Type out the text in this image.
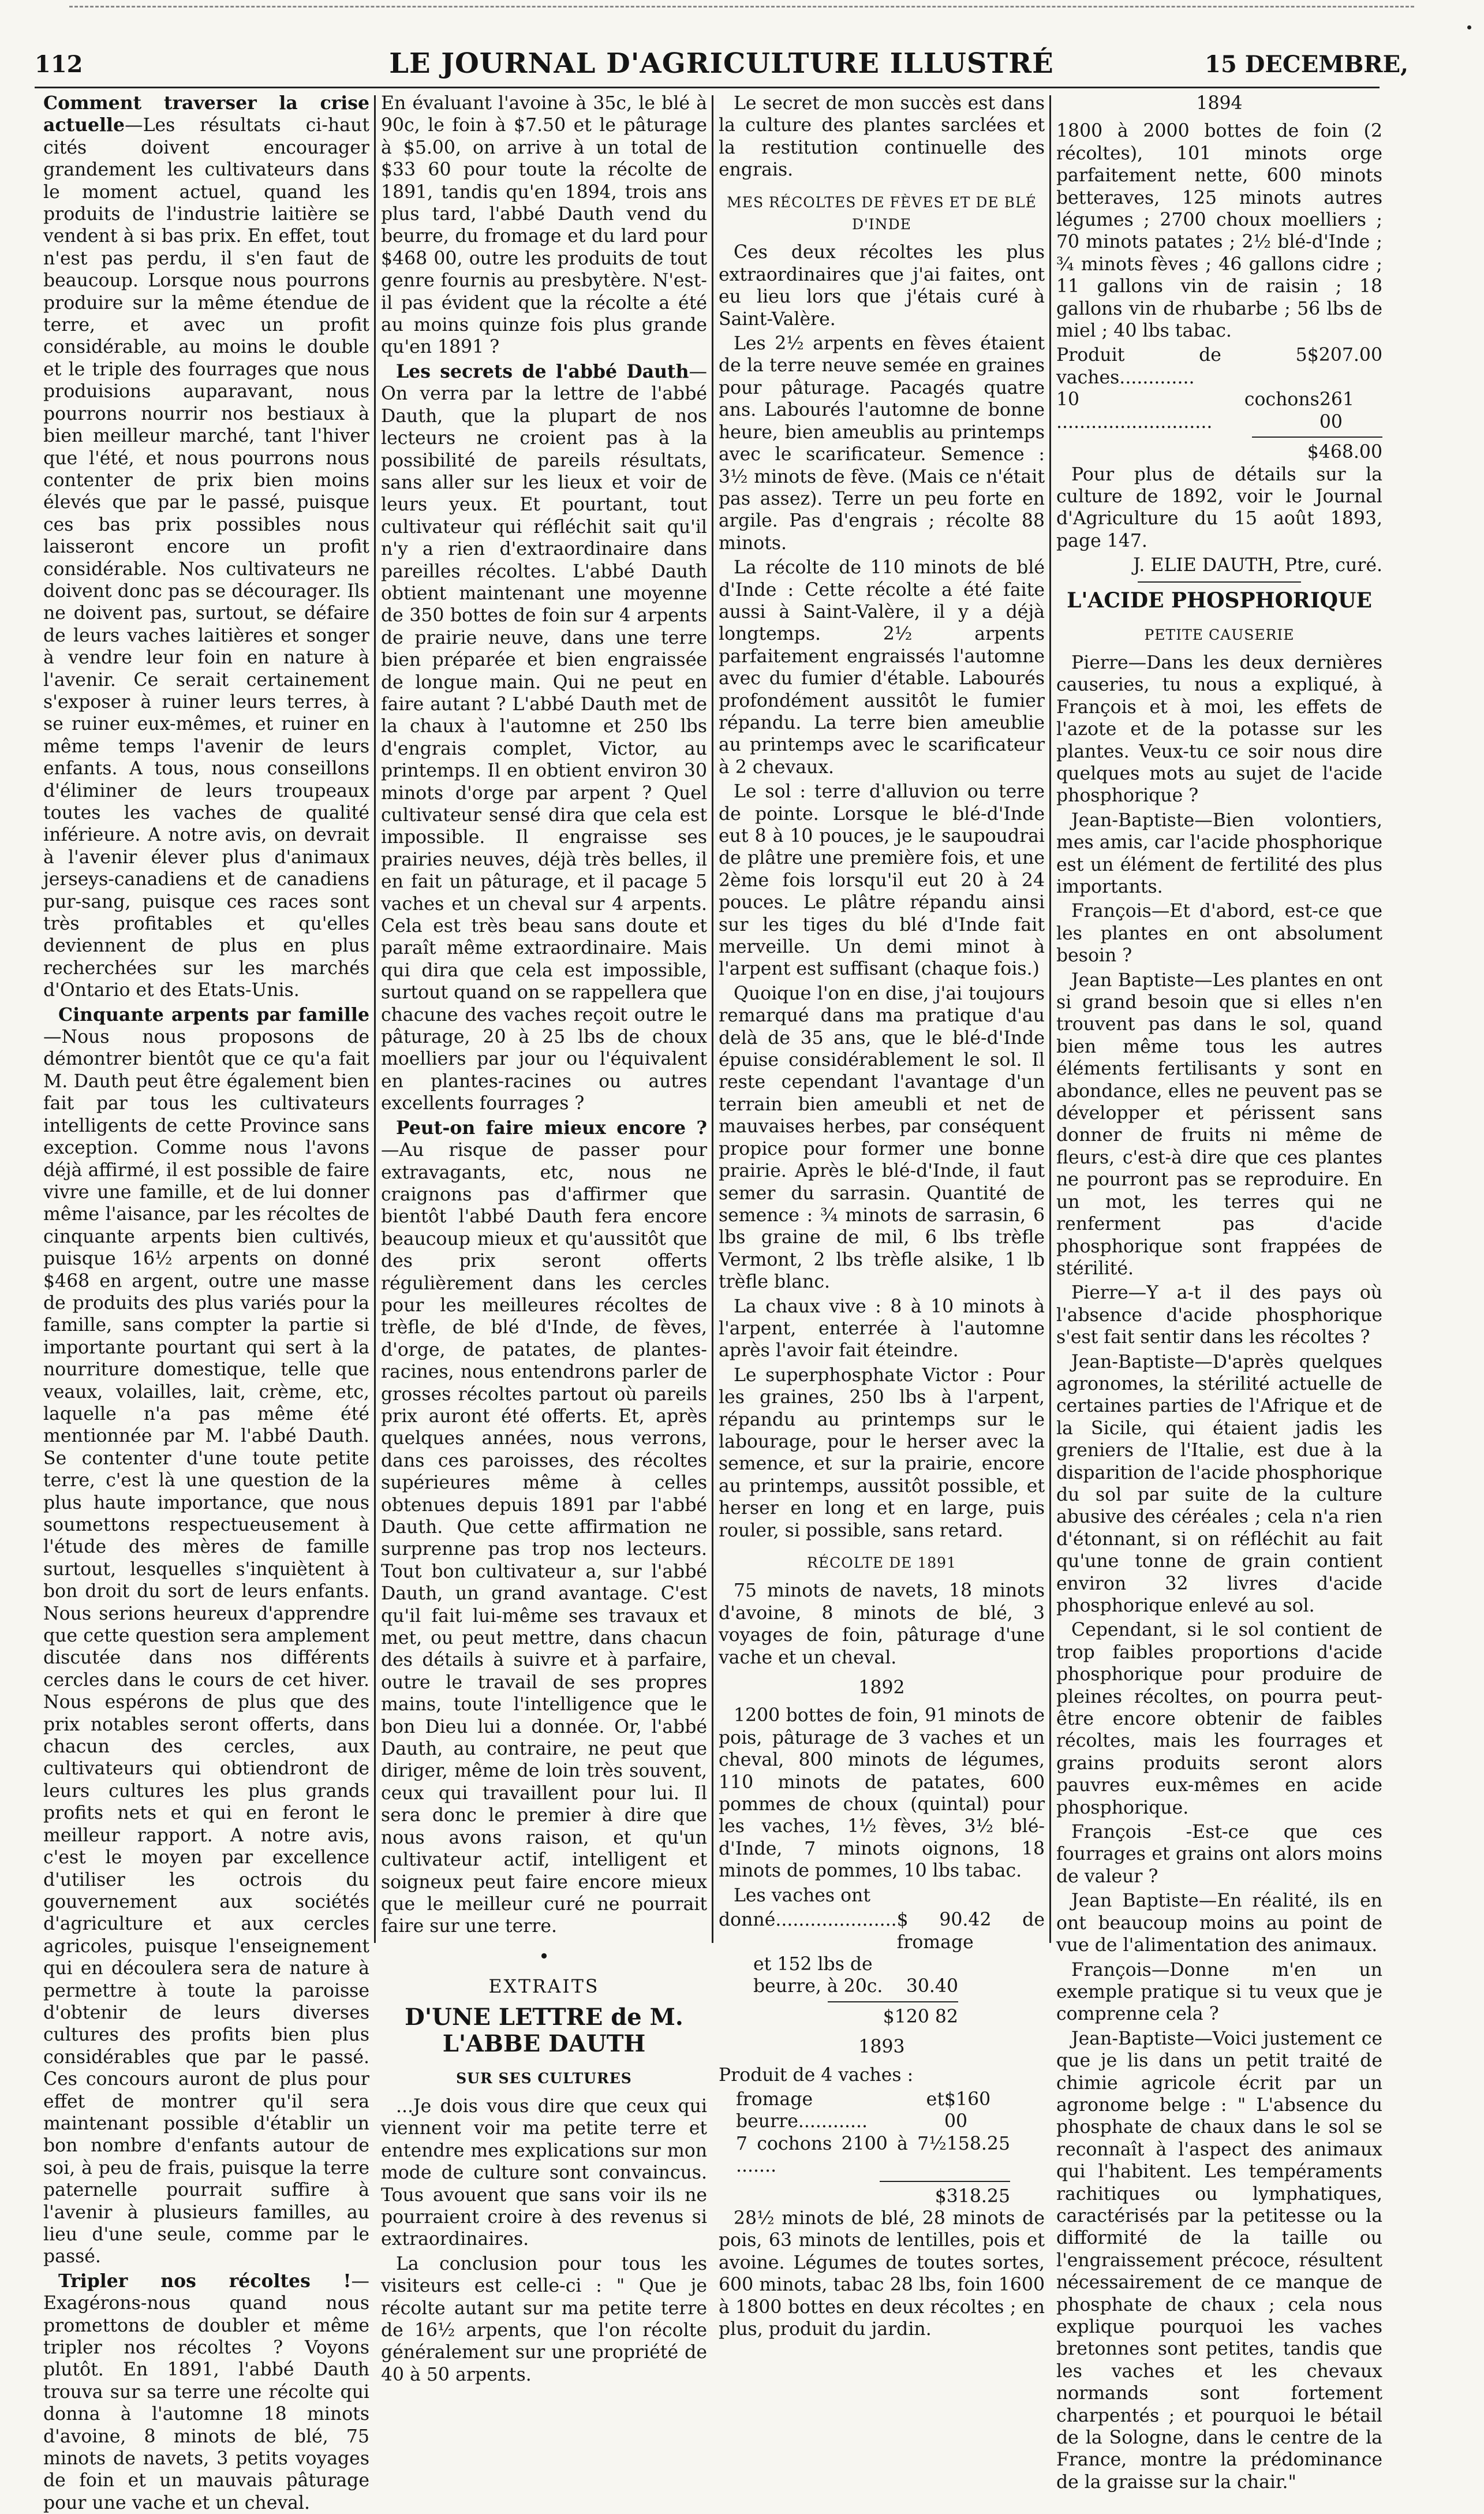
112	LE JOURNAL D'AGRICULTURE ILLUSTRÉ	15 DECEMBRE,

Comment traverser la crise actuelle—Les résultats ci-haut cités doivent encourager grandement les cultivateurs dans le moment actuel, quand les produits de l'industrie laitière se vendent à si bas prix. En effet, tout n'est pas perdu, il s'en faut de beaucoup. Lorsque nous pourrons produire sur la même étendue de terre, et avec un profit considérable, au moins le double et le triple des fourrages que nous produisions auparavant, nous pourrons nourrir nos bestiaux à bien meilleur marché, tant l'hiver que l'été, et nous pourrons nous contenter de prix bien moins élevés que par le passé, puisque ces bas prix possibles nous laisseront encore un profit considérable. Nos cultivateurs ne doivent donc pas se décourager. Ils ne doivent pas, surtout, se défaire de leurs vaches laitières et songer à vendre leur foin en nature à l'avenir. Ce serait certainement s'exposer à ruiner leurs terres, à se ruiner eux-mêmes, et ruiner en même temps l'avenir de leurs enfants. A tous, nous conseillons d'éliminer de leurs troupeaux toutes les vaches de qualité inférieure. A notre avis, on devrait à l'avenir élever plus d'animaux jerseys-canadiens et de canadiens pur-sang, puisque ces races sont très profitables et qu'elles deviennent de plus en plus recherchées sur les marchés d'Ontario et des Etats-Unis.

Cinquante arpents par famille—Nous nous proposons de démontrer bientôt que ce qu'a fait M. Dauth peut être également bien fait par tous les cultivateurs intelligents de cette Province sans exception. Comme nous l'avons déjà affirmé, il est possible de faire vivre une famille, et de lui donner même l'aisance, par les récoltes de cinquante arpents bien cultivés, puisque 16½ arpents on donné $468 en argent, outre une masse de produits des plus variés pour la famille, sans compter la partie si importante pourtant qui sert à la nourriture domestique, telle que veaux, volailles, lait, crème, etc, laquelle n'a pas même été mentionnée par M. l'abbé Dauth. Se contenter d'une toute petite terre, c'est là une question de la plus haute importance, que nous soumettons respectueusement à l'étude des mères de famille surtout, lesquelles s'inquiètent à bon droit du sort de leurs enfants. Nous serions heureux d'apprendre que cette question sera amplement discutée dans nos différents cercles dans le cours de cet hiver. Nous espérons de plus que des prix notables seront offerts, dans chacun des cercles, aux cultivateurs qui obtiendront de leurs cultures les plus grands profits nets et qui en feront le meilleur rapport. A notre avis, c'est le moyen par excellence d'utiliser les octrois du gouvernement aux sociétés d'agriculture et aux cercles agricoles, puisque l'enseignement qui en découlera sera de nature à permettre à toute la paroisse d'obtenir de leurs diverses cultures des profits bien plus considérables que par le passé. Ces concours auront de plus pour effet de montrer qu'il sera maintenant possible d'établir un bon nombre d'enfants autour de soi, à peu de frais, puisque la terre paternelle pourrait suffire à l'avenir à plusieurs familles, au lieu d'une seule, comme par le passé.

Tripler nos récoltes !— Exagérons-nous quand nous promettons de doubler et même tripler nos récoltes ? Voyons plutôt. En 1891, l'abbé Dauth trouva sur sa terre une récolte qui donna à l'automne 18 minots d'avoine, 8 minots de blé, 75 minots de navets, 3 petits voyages de foin et un mauvais pâturage pour une vache et un cheval.

En évaluant l'avoine à 35c, le blé à 90c, le foin à $7.50 et le pâturage à $5.00, on arrive à un total de $33 60 pour toute la récolte de 1891, tandis qu'en 1894, trois ans plus tard, l'abbé Dauth vend du beurre, du fromage et du lard pour $468 00, outre les produits de tout genre fournis au presbytère. N'est-il pas évident que la récolte a été au moins quinze fois plus grande qu'en 1891 ?

Les secrets de l'abbé Dauth—On verra par la lettre de l'abbé Dauth, que la plupart de nos lecteurs ne croient pas à la possibilité de pareils résultats, sans aller sur les lieux et voir de leurs yeux. Et pourtant, tout cultivateur qui réfléchit sait qu'il n'y a rien d'extraordinaire dans pareilles récoltes. L'abbé Dauth obtient maintenant une moyenne de 350 bottes de foin sur 4 arpents de prairie neuve, dans une terre bien préparée et bien engraissée de longue main. Qui ne peut en faire autant ? L'abbé Dauth met de la chaux à l'automne et 250 lbs d'engrais complet, Victor, au printemps. Il en obtient environ 30 minots d'orge par arpent ? Quel cultivateur sensé dira que cela est impossible. Il engraisse ses prairies neuves, déjà très belles, il en fait un pâturage, et il pacage 5 vaches et un cheval sur 4 arpents. Cela est très beau sans doute et paraît même extraordinaire. Mais qui dira que cela est impossible, surtout quand on se rappellera que chacune des vaches reçoit outre le pâturage, 20 à 25 lbs de choux moelliers par jour ou l'équivalent en plantes-racines ou autres excellents fourrages ?

Peut-on faire mieux encore ?—Au risque de passer pour extravagants, etc, nous ne craignons pas d'affirmer que bientôt l'abbé Dauth fera encore beaucoup mieux et qu'aussitôt que des prix seront offerts régulièrement dans les cercles pour les meilleures récoltes de trèfle, de blé d'Inde, de fèves, d'orge, de patates, de plantes-racines, nous entendrons parler de grosses récoltes partout où pareils prix auront été offerts. Et, après quelques années, nous verrons, dans ces paroisses, des récoltes supérieures même à celles obtenues depuis 1891 par l'abbé Dauth. Que cette affirmation ne surprenne pas trop nos lecteurs. Tout bon cultivateur a, sur l'abbé Dauth, un grand avantage. C'est qu'il fait lui-même ses travaux et met, ou peut mettre, dans chacun des détails à suivre et à parfaire, outre le travail de ses propres mains, toute l'intelligence que le bon Dieu lui a donnée. Or, l'abbé Dauth, au contraire, ne peut que diriger, même de loin très souvent, ceux qui travaillent pour lui. Il sera donc le premier à dire que nous avons raison, et qu'un cultivateur actif, intelligent et soigneux peut faire encore mieux que le meilleur curé ne pourrait faire sur une terre.

•
EXTRAITS
D'UNE LETTRE de M. L'ABBE DAUTH
SUR SES CULTURES

...Je dois vous dire que ceux qui viennent voir ma petite terre et entendre mes explications sur mon mode de culture sont convaincus. Tous avouent que sans voir ils ne pourraient croire à des revenus si extraordinaires.

La conclusion pour tous les visiteurs est celle-ci : " Que je récolte autant sur ma petite terre de 16½ arpents, que l'on récolte généralement sur une propriété de 40 à 50 arpents.

Le secret de mon succès est dans la culture des plantes sarclées et la restitution continuelle des engrais.

MES RÉCOLTES DE FÈVES ET DE BLÉ D'INDE

Ces deux récoltes les plus extraordinaires que j'ai faites, ont eu lieu lors que j'étais curé à Saint-Valère.

Les 2½ arpents en fèves étaient de la terre neuve semée en graines pour pâturage. Pacagés quatre ans. Labourés l'automne de bonne heure, bien ameublis au printemps avec le scarificateur. Semence : 3½ minots de fève. (Mais ce n'était pas assez). Terre un peu forte en argile. Pas d'engrais ; récolte 88 minots.

La récolte de 110 minots de blé d'Inde : Cette récolte a été faite aussi à Saint-Valère, il y a déjà longtemps. 2½ arpents parfaitement engraissés l'automne avec du fumier d'étable. Labourés profondément aussitôt le fumier répandu. La terre bien ameublie au printemps avec le scarificateur à 2 chevaux.

Le sol : terre d'alluvion ou terre de pointe. Lorsque le blé-d'Inde eut 8 à 10 pouces, je le saupoudrai de plâtre une première fois, et une 2ème fois lorsqu'il eut 20 à 24 pouces. Le plâtre répandu ainsi sur les tiges du blé d'Inde fait merveille. Un demi minot à l'arpent est suffisant (chaque fois.)

Quoique l'on en dise, j'ai toujours remarqué dans ma pratique d'au delà de 35 ans, que le blé-d'Inde épuise considérablement le sol. Il reste cependant l'avantage d'un terrain bien ameubli et net de mauvaises herbes, par conséquent propice pour former une bonne prairie. Après le blé-d'Inde, il faut semer du sarrasin. Quantité de semence : ¾ minots de sarrasin, 6 lbs graine de mil, 6 lbs trèfle Vermont, 2 lbs trèfle alsike, 1 lb trèfle blanc.

La chaux vive : 8 à 10 minots à l'arpent, enterrée à l'automne après l'avoir fait éteindre.

Le superphosphate Victor : Pour les graines, 250 lbs à l'arpent, répandu au printemps sur le labourage, pour le herser avec la semence, et sur la prairie, encore au printemps, aussitôt possible, et herser en long et en large, puis rouler, si possible, sans retard.

RÉCOLTE DE 1891

75 minots de navets, 18 minots d'avoine, 8 minots de blé, 3 voyages de foin, pâturage d'une vache et un cheval.

1892

1200 bottes de foin, 91 minots de pois, pâturage de 3 vaches et un cheval, 800 minots de légumes, 110 minots de patates, 600 pommes de choux (quintal) pour les vaches, 1½ fèves, 3½ blé-d'Inde, 7 minots oignons, 18 minots de pommes, 10 lbs tabac.

Les vaches ont

donné..................... $ 90.42 de fromage
et 152 lbs de
beurre, à 20c. 30.40
$120 82
1893

Produit de 4 vaches :

fromage et beurre............
$160 00
7 cochons 2100 à 7½ .......
158.25
$318.25

28½ minots de blé, 28 minots de pois, 63 minots de lentilles, pois et avoine. Légumes de toutes sortes, 600 minots, tabac 28 lbs, foin 1600 à 1800 bottes en deux récoltes ; en plus, produit du jardin.

1894

1800 à 2000 bottes de foin (2 récoltes), 101 minots orge parfaitement nette, 600 minots betteraves, 125 minots autres légumes ; 2700 choux moelliers ; 70 minots patates ; 2½ blé-d'Inde ; ¾ minots fèves ; 46 gallons cidre ; 11 gallons vin de raisin ; 18 gallons vin de rhubarbe ; 56 lbs de miel ; 40 lbs tabac.

Produit de 5 vaches.............
$207.00
10 cochons ...........................
261 00
$468.00

Pour plus de détails sur la culture de 1892, voir le Journal d'Agriculture du 15 août 1893, page 147.

J. ELIE DAUTH, Ptre, curé.

L'ACIDE PHOSPHORIQUE
PETITE CAUSERIE

Pierre—Dans les deux dernières causeries, tu nous a expliqué, à François et à moi, les effets de l'azote et de la potasse sur les plantes. Veux-tu ce soir nous dire quelques mots au sujet de l'acide phosphorique ?

Jean-Baptiste—Bien volontiers, mes amis, car l'acide phosphorique est un élément de fertilité des plus importants.

François—Et d'abord, est-ce que les plantes en ont absolument besoin ?

Jean Baptiste—Les plantes en ont si grand besoin que si elles n'en trouvent pas dans le sol, quand bien même tous les autres éléments fertilisants y sont en abondance, elles ne peuvent pas se développer et périssent sans donner de fruits ni même de fleurs, c'est-à dire que ces plantes ne pourront pas se reproduire. En un mot, les terres qui ne renferment pas d'acide phosphorique sont frappées de stérilité.

Pierre—Y a-t il des pays où l'absence d'acide phosphorique s'est fait sentir dans les récoltes ?

Jean-Baptiste—D'après quelques agronomes, la stérilité actuelle de certaines parties de l'Afrique et de la Sicile, qui étaient jadis les greniers de l'Italie, est due à la disparition de l'acide phosphorique du sol par suite de la culture abusive des céréales ; cela n'a rien d'étonnant, si on réfléchit au fait qu'une tonne de grain contient environ 32 livres d'acide phosphorique enlevé au sol.

Cependant, si le sol contient de trop faibles proportions d'acide phosphorique pour produire de pleines récoltes, on pourra peut-être encore obtenir de faibles récoltes, mais les fourrages et grains produits seront alors pauvres eux-mêmes en acide phosphorique.

François -Est-ce que ces fourrages et grains ont alors moins de valeur ?

Jean Baptiste—En réalité, ils en ont beaucoup moins au point de vue de l'alimentation des animaux.

François—Donne m'en un exemple pratique si tu veux que je comprenne cela ?

Jean-Baptiste—Voici justement ce que je lis dans un petit traité de chimie agricole écrit par un agronome belge : " L'absence du phosphate de chaux dans le sol se reconnaît à l'aspect des animaux qui l'habitent. Les tempéraments rachitiques ou lymphatiques, caractérisés par la petitesse ou la difformité de la taille ou l'engraissement précoce, résultent nécessairement de ce manque de phosphate de chaux ; cela nous explique pourquoi les vaches bretonnes sont petites, tandis que les vaches et les chevaux normands sont fortement charpentés ; et pourquoi le bétail de la Sologne, dans le centre de la France, montre la prédominance de la graisse sur la chair."
